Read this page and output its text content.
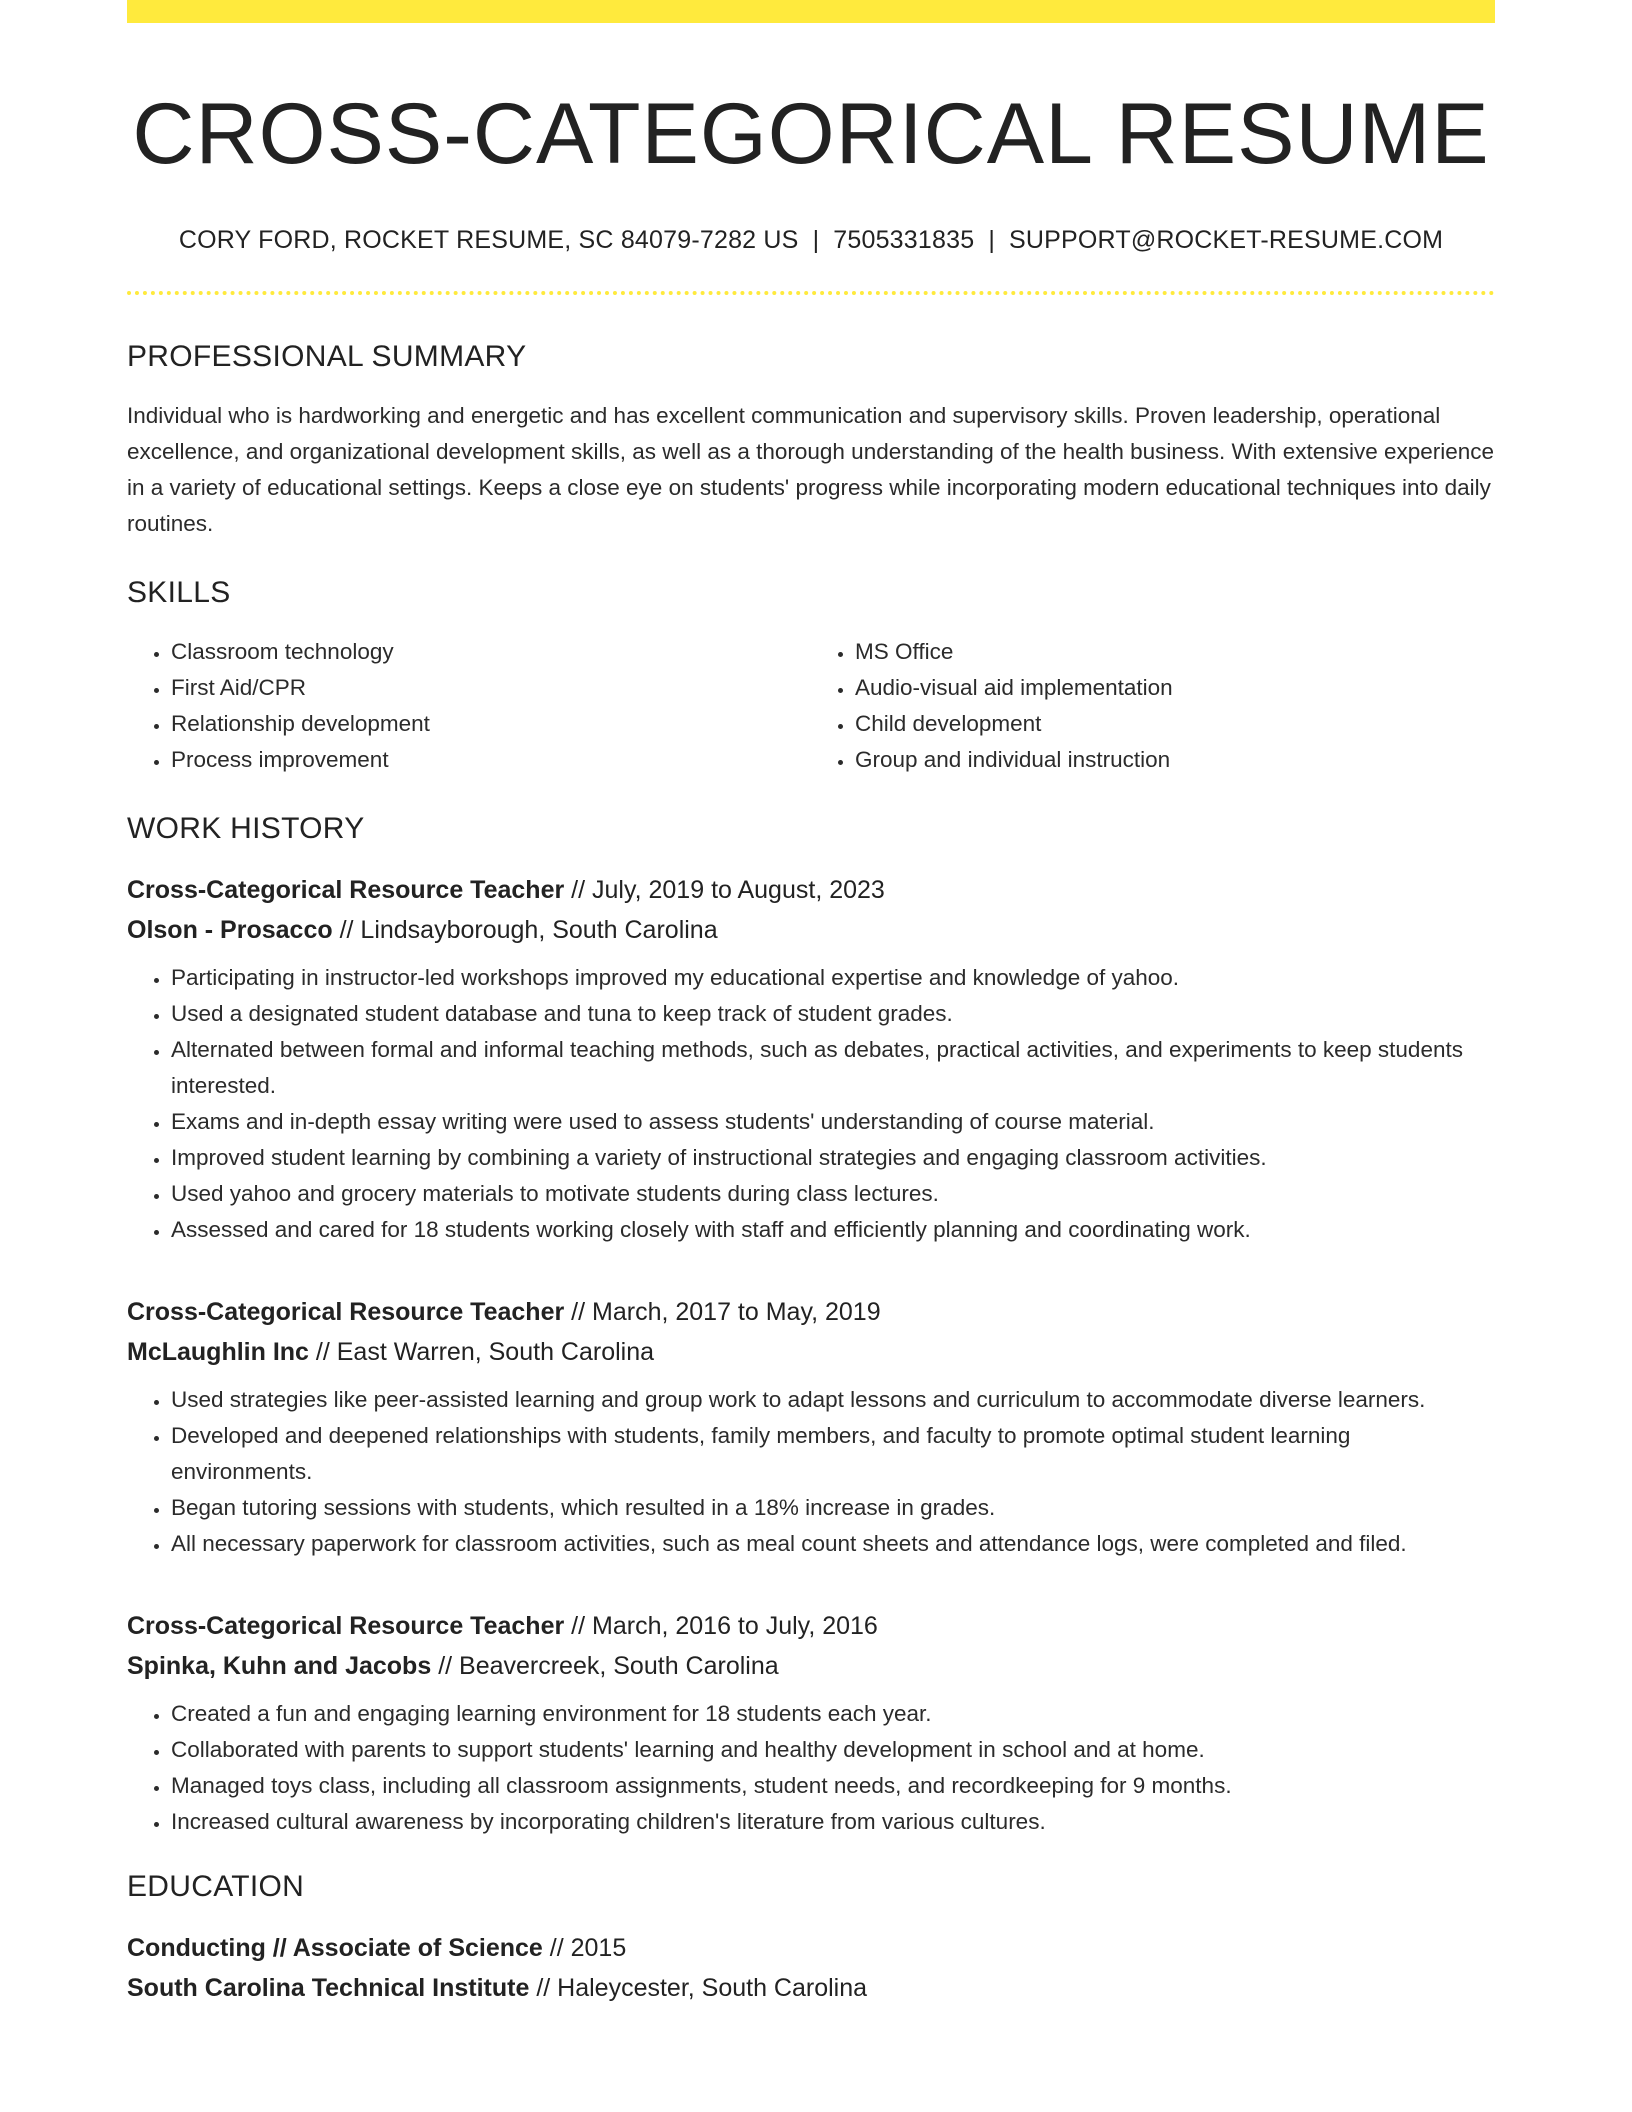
CROSS-CATEGORICAL RESUME
CORY FORD, ROCKET RESUME, SC 84079-7282 US | 7505331835 | SUPPORT@ROCKET-RESUME.COM
PROFESSIONAL SUMMARY

Individual who is hardworking and energetic and has excellent communication and supervisory skills. Proven leadership, operational excellence, and organizational development skills, as well as a thorough understanding of the health business. With extensive experience in a variety of educational settings. Keeps a close eye on students' progress while incorporating modern educational techniques into daily routines.

SKILLS
• Classroom technology
• First Aid/CPR
• Relationship development
• Process improvement
• MS Office
• Audio-visual aid implementation
• Child development
• Group and individual instruction
WORK HISTORY
Cross-Categorical Resource Teacher // July, 2019 to August, 2023
Olson - Prosacco // Lindsayborough, South Carolina
• Participating in instructor-led workshops improved my educational expertise and knowledge of yahoo.
• Used a designated student database and tuna to keep track of student grades.
• Alternated between formal and informal teaching methods, such as debates, practical activities, and experiments to keep students interested.
• Exams and in-depth essay writing were used to assess students' understanding of course material.
• Improved student learning by combining a variety of instructional strategies and engaging classroom activities.
• Used yahoo and grocery materials to motivate students during class lectures.
• Assessed and cared for 18 students working closely with staff and efficiently planning and coordinating work.
Cross-Categorical Resource Teacher // March, 2017 to May, 2019
McLaughlin Inc // East Warren, South Carolina
• Used strategies like peer-assisted learning and group work to adapt lessons and curriculum to accommodate diverse learners.
• Developed and deepened relationships with students, family members, and faculty to promote optimal student learning environments.
• Began tutoring sessions with students, which resulted in a 18% increase in grades.
• All necessary paperwork for classroom activities, such as meal count sheets and attendance logs, were completed and filed.
Cross-Categorical Resource Teacher // March, 2016 to July, 2016
Spinka, Kuhn and Jacobs // Beavercreek, South Carolina
• Created a fun and engaging learning environment for 18 students each year.
• Collaborated with parents to support students' learning and healthy development in school and at home.
• Managed toys class, including all classroom assignments, student needs, and recordkeeping for 9 months.
• Increased cultural awareness by incorporating children's literature from various cultures.
EDUCATION
Conducting // Associate of Science // 2015
South Carolina Technical Institute // Haleycester, South Carolina
